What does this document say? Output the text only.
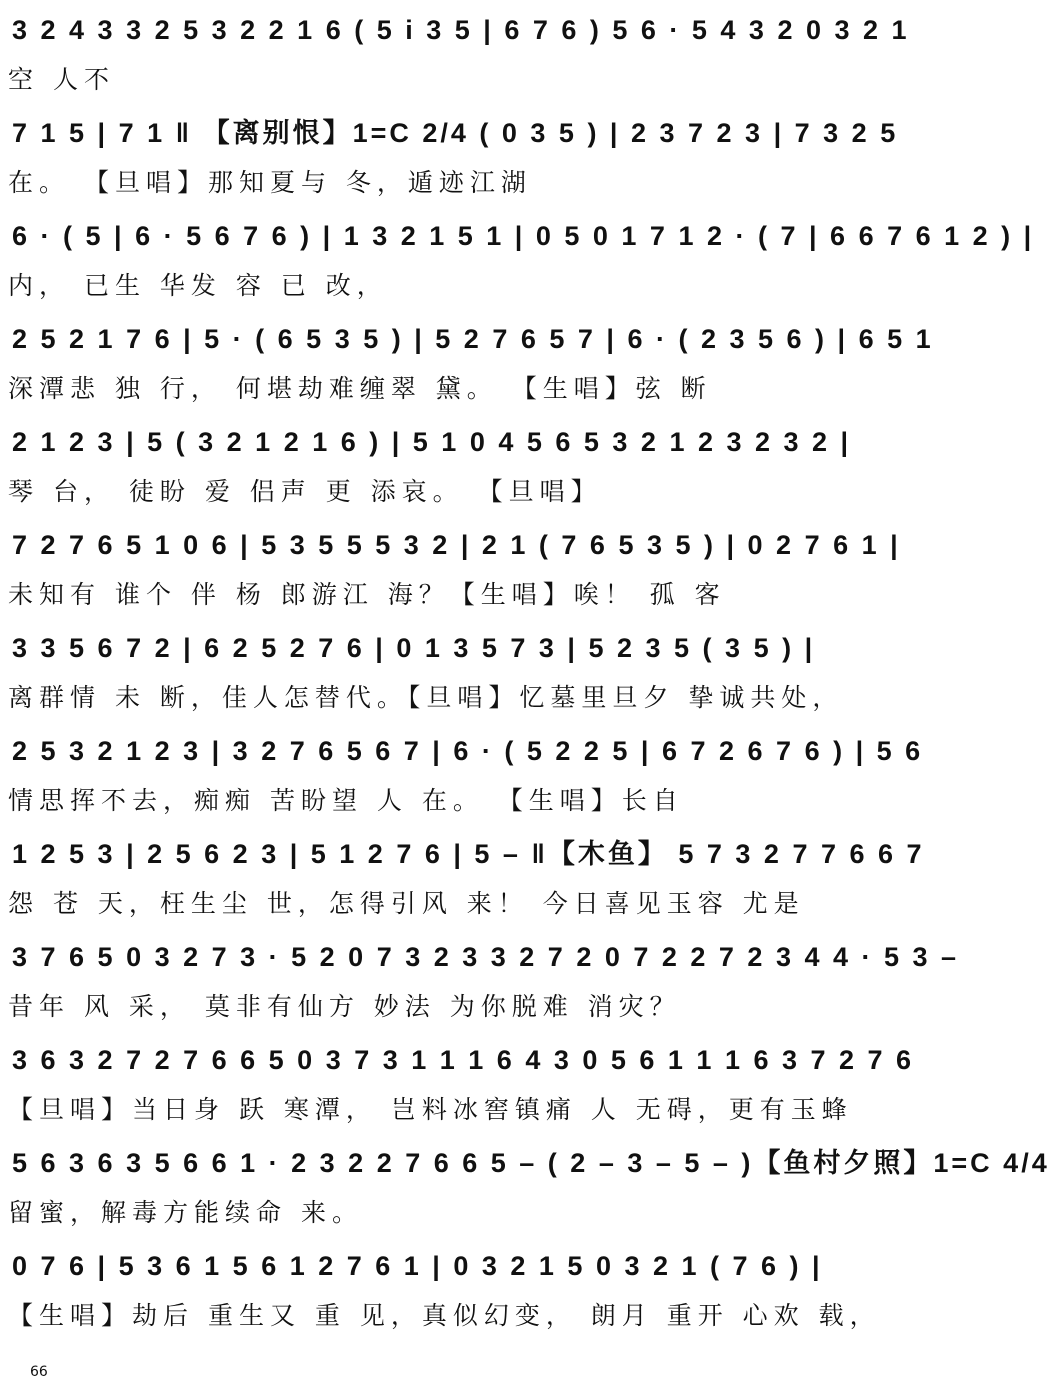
3 2 4 3 3 2 5 3 2 2 1 6 ( 5 i 3 5 | 6 7 6 ) 5 6 · 5 4 3 2 0 3 2 1
空 人不
7 1 5 | 7 1 ‖ 【离别恨】1=C 2/4 ( 0 3 5 ) | 2 3 7 2 3 | 7 3 2 5
在。 【旦唱】那知夏与 冬，遁迹江湖
6 · ( 5 | 6 · 5 6 7 6 ) | 1 3 2 1 5 1 | 0 5 0 1 7 1 2 · ( 7 | 6 6 7 6 1 2 ) |
内， 已生 华发 容 已 改，
2 5 2 1 7 6 | 5 · ( 6 5 3 5 ) | 5 2 7 6 5 7 | 6 · ( 2 3 5 6 ) | 6 5 1
深潭悲 独 行， 何堪劫难缠翠 黛。 【生唱】弦 断
2 1 2 3 | 5 ( 3 2 1 2 1 6 ) | 5 1 0 4 5 6 5 3 2 1 2 3 2 3 2 |
琴 台， 徒盼 爱 侣声 更 添哀。 【旦唱】
7 2 7 6 5 1 0 6 | 5 3 5 5 5 3 2 | 2 1 ( 7 6 5 3 5 ) | 0 2 7 6 1 |
未知有 谁个 伴 杨 郎游江 海？【生唱】唉！ 孤 客
3 3 5 6 7 2 | 6 2 5 2 7 6 | 0 1 3 5 7 3 | 5 2 3 5 ( 3 5 ) |
离群情 未 断，佳人怎替代。【旦唱】忆墓里旦夕 挚诚共处，
2 5 3 2 1 2 3 | 3 2 7 6 5 6 7 | 6 · ( 5 2 2 5 | 6 7 2 6 7 6 ) | 5 6
情思挥不去，痴痴 苦盼望 人 在。 【生唱】长自
1 2 5 3 | 2 5 6 2 3 | 5 1 2 7 6 | 5 – ‖【木鱼】 5 7 3 2 7 7 6 6 7
怨 苍 天，枉生尘 世，怎得引风 来！ 今日喜见玉容 尤是
3 7 6 5 0 3 2 7 3 · 5 2 0 7 3 2 3 3 2 7 2 0 7 2 2 7 2 3 4 4 · 5 3 –
昔年 风 采， 莫非有仙方 妙法 为你脱难 消灾？
3 6 3 2 7 2 7 6 6 5 0 3 7 3 1 1 1 6 4 3 0 5 6 1 1 1 6 3 7 2 7 6
【旦唱】当日身 跃 寒潭， 岂料冰窖镇痛 人 无碍，更有玉蜂
5 6 3 6 3 5 6 6 1 · 2 3 2 2 7 6 6 5 – ( 2 – 3 – 5 – )【鱼村夕照】1=C 4/4
留蜜，解毒方能续命 来。
0 7 6 | 5 3 6 1 5 6 1 2 7 6 1 | 0 3 2 1 5 0 3 2 1 ( 7 6 ) |
【生唱】劫后 重生又 重 见，真似幻变， 朗月 重开 心欢 载，
66
